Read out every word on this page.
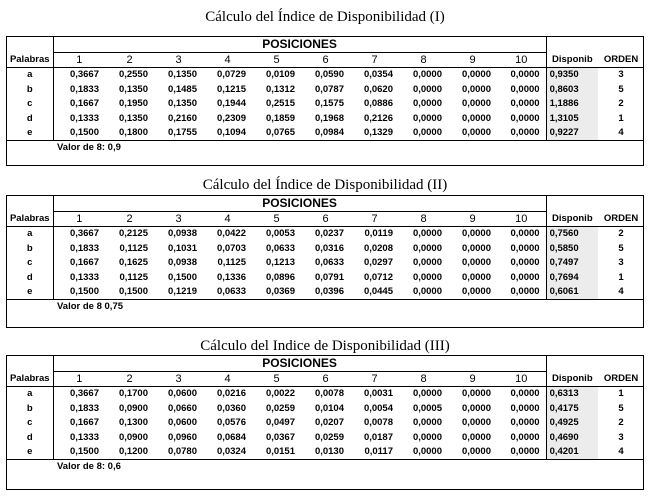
Cálculo del Índice de Disponibilidad (I)
	POSICIONES											
Palabras	1	2	3	4	5	6	7	8	9	10	Disponib	ORDEN
a	0,3667	0,2550	0,1350	0,0729	0,0109	0,0590	0,0354	0,0000	0,0000	0,0000	0,9350	3
b	0,1833	0,1350	0,1485	0,1215	0,1312	0,0787	0,0620	0,0000	0,0000	0,0000	0,8603	5
c	0,1667	0,1950	0,1350	0,1944	0,2515	0,1575	0,0886	0,0000	0,0000	0,0000	1,1886	2
d	0,1333	0,1350	0,2160	0,2309	0,1859	0,1968	0,2126	0,0000	0,0000	0,0000	1,3105	1
e	0,1500	0,1800	0,1755	0,1094	0,0765	0,0984	0,1329	0,0000	0,0000	0,0000	0,9227	4
Valor de 8: 0,9												
Cálculo del Índice de Disponibilidad (II)
	POSICIONES											
Palabras	1	2	3	4	5	6	7	8	9	10	Disponib	ORDEN
a	0,3667	0,2125	0,0938	0,0422	0,0053	0,0237	0,0119	0,0000	0,0000	0,0000	0,7560	2
b	0,1833	0,1125	0,1031	0,0703	0,0633	0,0316	0,0208	0,0000	0,0000	0,0000	0,5850	5
c	0,1667	0,1625	0,0938	0,1125	0,1213	0,0633	0,0297	0,0000	0,0000	0,0000	0,7497	3
d	0,1333	0,1125	0,1500	0,1336	0,0896	0,0791	0,0712	0,0000	0,0000	0,0000	0,7694	1
e	0,1500	0,1500	0,1219	0,0633	0,0369	0,0396	0,0445	0,0000	0,0000	0,0000	0,6061	4
Valor de 8 0,75												
Cálculo del Indice de Disponibilidad (III)
	POSICIONES											
Palabras	1	2	3	4	5	6	7	8	9	10	Disponib	ORDEN
a	0,3667	0,1700	0,0600	0,0216	0,0022	0,0078	0,0031	0,0000	0,0000	0,0000	0,6313	1
b	0,1833	0,0900	0,0660	0,0360	0,0259	0,0104	0,0054	0,0005	0,0000	0,0000	0,4175	5
c	0,1667	0,1300	0,0600	0,0576	0,0497	0,0207	0,0078	0,0000	0,0000	0,0000	0,4925	2
d	0,1333	0,0900	0,0960	0,0684	0,0367	0,0259	0,0187	0,0000	0,0000	0,0000	0,4690	3
e	0,1500	0,1200	0,0780	0,0324	0,0151	0,0130	0,0117	0,0000	0,0000	0,0000	0,4201	4
Valor de 8: 0,6												
